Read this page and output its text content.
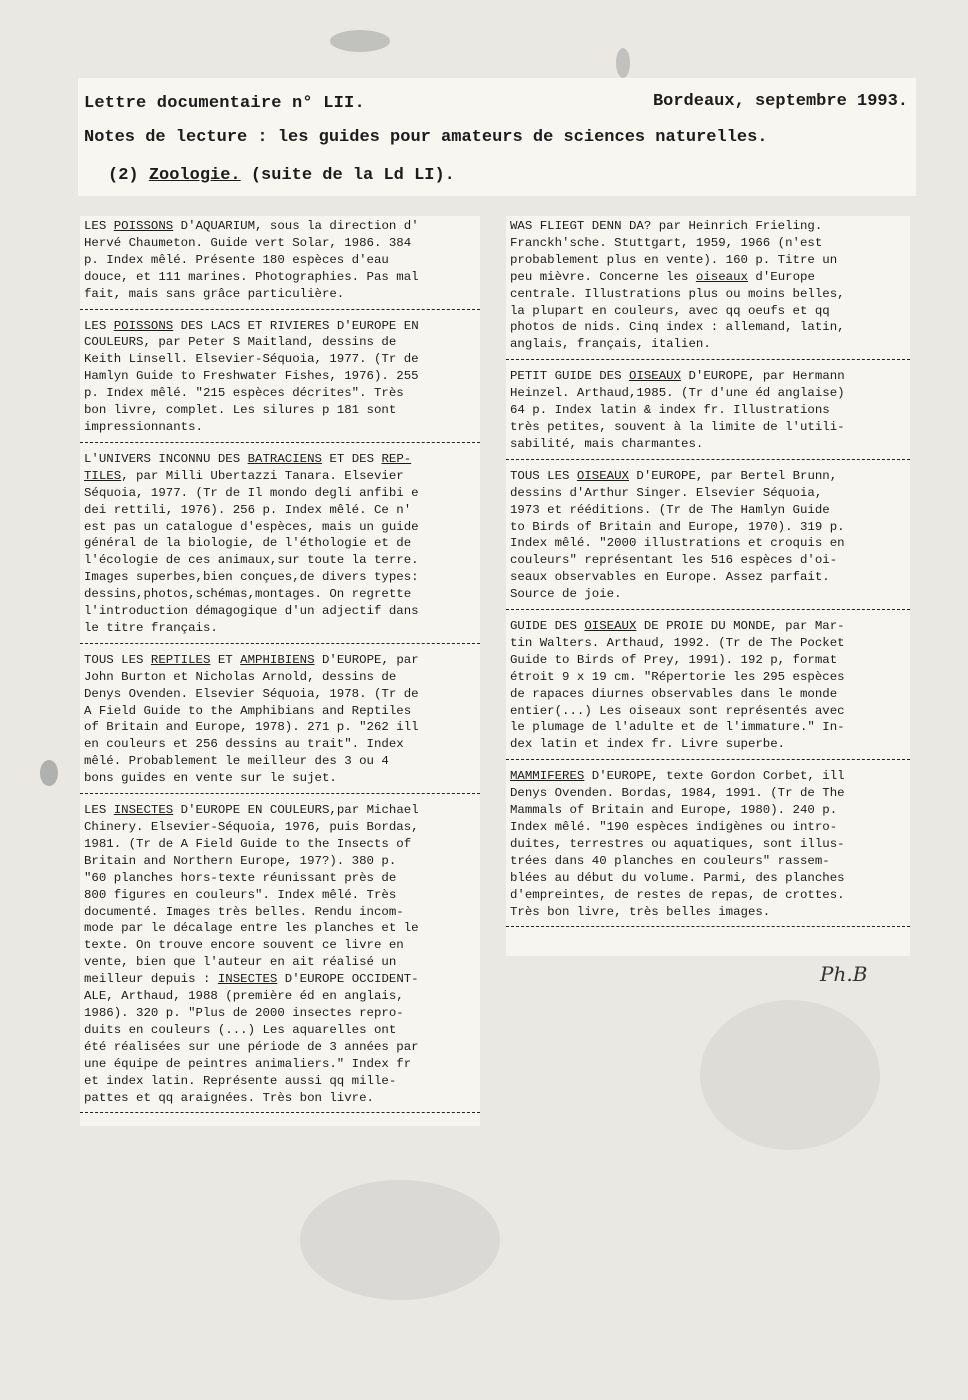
Lettre documentaire n° LII.	Bordeaux, septembre 1993.
Notes de lecture : les guides pour amateurs de sciences naturelles.
(2) Zoologie. (suite de la Ld LI).
LES POISSONS D'AQUARIUM, sous la direction d'
Hervé Chaumeton. Guide vert Solar, 1986. 384
p. Index mêlé. Présente 180 espèces d'eau
douce, et 111 marines. Photographies. Pas mal
fait, mais sans grâce particulière.
LES POISSONS DES LACS ET RIVIERES D'EUROPE EN
COULEURS, par Peter S Maitland, dessins de
Keith Linsell. Elsevier-Séquoia, 1977. (Tr de
Hamlyn Guide to Freshwater Fishes, 1976). 255
p. Index mêlé. "215 espèces décrites". Très
bon livre, complet. Les silures p 181 sont
impressionnants.
L'UNIVERS INCONNU DES BATRACIENS ET DES REP-
TILES, par Milli Ubertazzi Tanara. Elsevier
Séquoia, 1977. (Tr de Il mondo degli anfibi e
dei rettili, 1976). 256 p. Index mêlé. Ce n'
est pas un catalogue d'espèces, mais un guide
général de la biologie, de l'éthologie et de
l'écologie de ces animaux,sur toute la terre.
Images superbes,bien conçues,de divers types:
dessins,photos,schémas,montages. On regrette
l'introduction démagogique d'un adjectif dans
le titre français.
TOUS LES REPTILES ET AMPHIBIENS D'EUROPE, par
John Burton et Nicholas Arnold, dessins de
Denys Ovenden. Elsevier Séquoia, 1978. (Tr de
A Field Guide to the Amphibians and Reptiles
of Britain and Europe, 1978). 271 p. "262 ill
en couleurs et 256 dessins au trait". Index
mêlé. Probablement le meilleur des 3 ou 4
bons guides en vente sur le sujet.
LES INSECTES D'EUROPE EN COULEURS,par Michael
Chinery. Elsevier-Séquoia, 1976, puis Bordas,
1981. (Tr de A Field Guide to the Insects of
Britain and Northern Europe, 197?). 380 p.
"60 planches hors-texte réunissant près de
800 figures en couleurs". Index mêlé. Très
documenté. Images très belles. Rendu incom-
mode par le décalage entre les planches et le
texte. On trouve encore souvent ce livre en
vente, bien que l'auteur en ait réalisé un
meilleur depuis : INSECTES D'EUROPE OCCIDENT-
ALE, Arthaud, 1988 (première éd en anglais,
1986). 320 p. "Plus de 2000 insectes repro-
duits en couleurs (...) Les aquarelles ont
été réalisées sur une période de 3 années par
une équipe de peintres animaliers." Index fr
et index latin. Représente aussi qq mille-
pattes et qq araignées. Très bon livre.
WAS FLIEGT DENN DA? par Heinrich Frieling.
Franckh'sche. Stuttgart, 1959, 1966 (n'est
probablement plus en vente). 160 p. Titre un
peu mièvre. Concerne les oiseaux d'Europe
centrale. Illustrations plus ou moins belles,
la plupart en couleurs, avec qq oeufs et qq
photos de nids. Cinq index : allemand, latin,
anglais, français, italien.
PETIT GUIDE DES OISEAUX D'EUROPE, par Hermann
Heinzel. Arthaud,1985. (Tr d'une éd anglaise)
64 p. Index latin & index fr. Illustrations
très petites, souvent à la limite de l'utili-
sabilité, mais charmantes.
TOUS LES OISEAUX D'EUROPE, par Bertel Brunn,
dessins d'Arthur Singer. Elsevier Séquoia,
1973 et rééditions. (Tr de The Hamlyn Guide
to Birds of Britain and Europe, 1970). 319 p.
Index mêlé. "2000 illustrations et croquis en
couleurs" représentant les 516 espèces d'oi-
seaux observables en Europe. Assez parfait.
Source de joie.
GUIDE DES OISEAUX DE PROIE DU MONDE, par Mar-
tin Walters. Arthaud, 1992. (Tr de The Pocket
Guide to Birds of Prey, 1991). 192 p, format
étroit 9 x 19 cm. "Répertorie les 295 espèces
de rapaces diurnes observables dans le monde
entier(...) Les oiseaux sont représentés avec
le plumage de l'adulte et de l'immature." In-
dex latin et index fr. Livre superbe.
MAMMIFERES D'EUROPE, texte Gordon Corbet, ill
Denys Ovenden. Bordas, 1984, 1991. (Tr de The
Mammals of Britain and Europe, 1980). 240 p.
Index mêlé. "190 espèces indigènes ou intro-
duites, terrestres ou aquatiques, sont illus-
trées dans 40 planches en couleurs" rassem-
blées au début du volume. Parmi, des planches
d'empreintes, de restes de repas, de crottes.
Très bon livre, très belles images.
Ph.B
